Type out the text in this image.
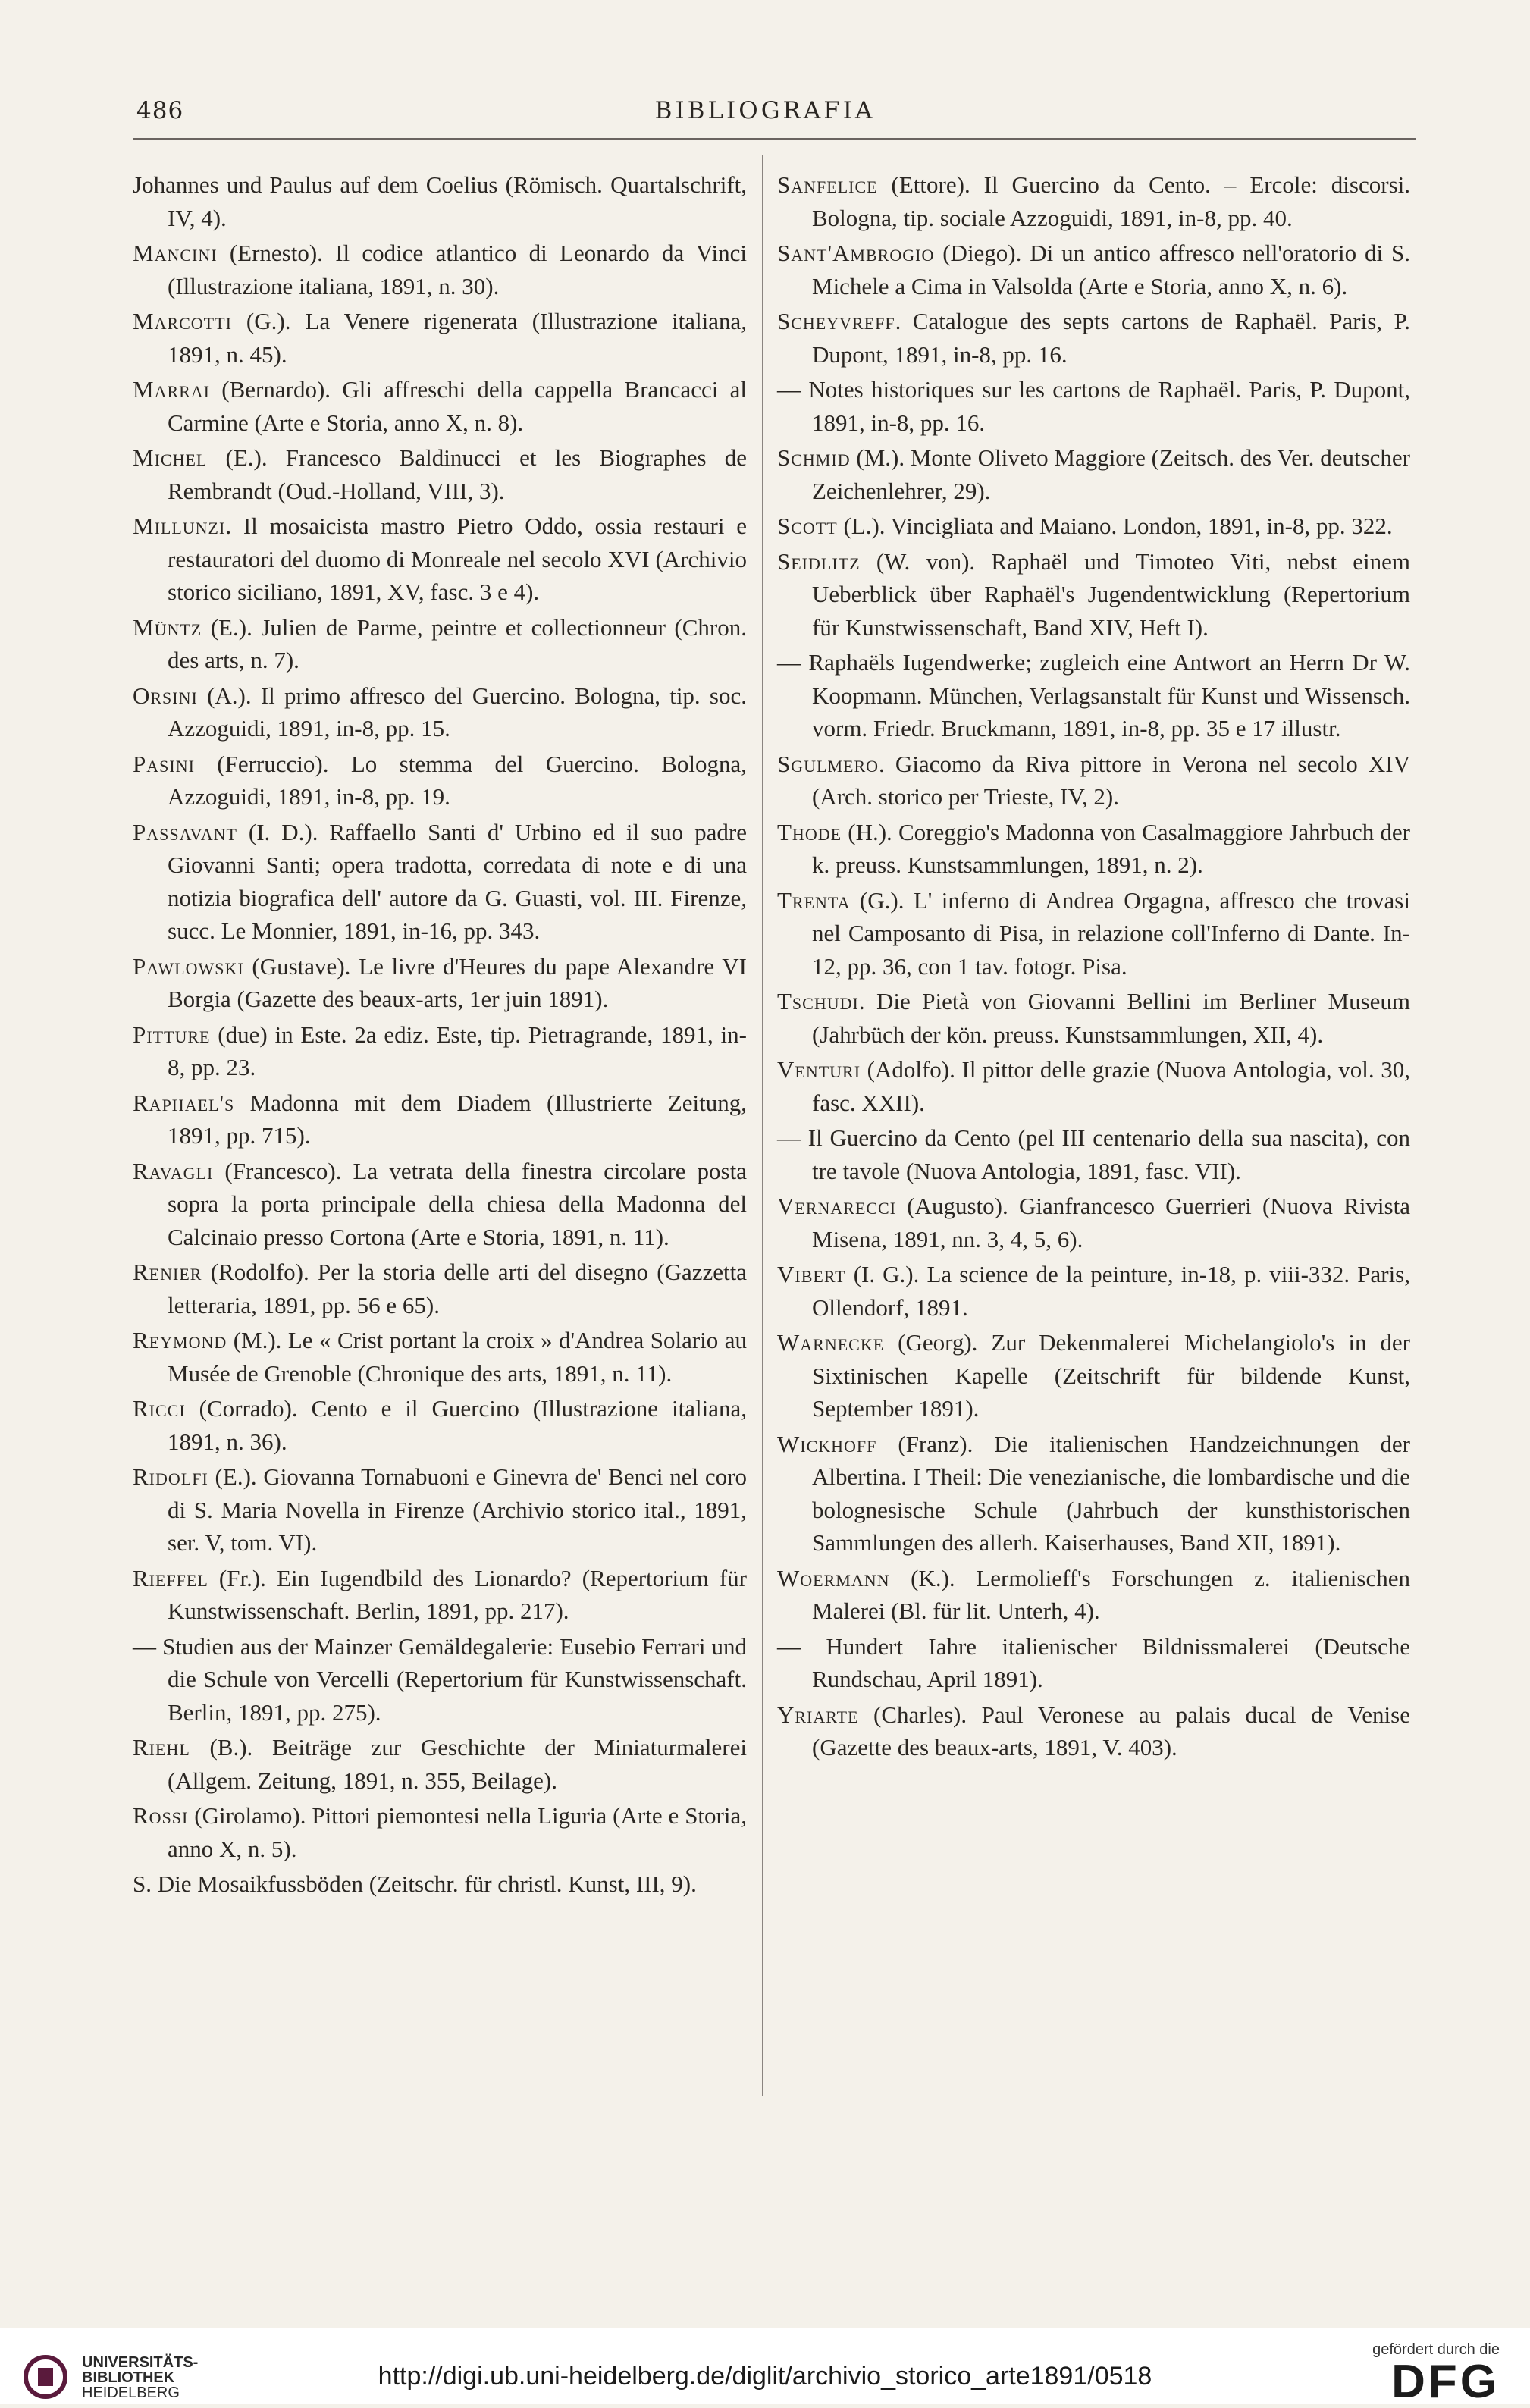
486	BIBLIOGRAFIA

Johannes und Paulus auf dem Coelius (Römisch. Quartalschrift, IV, 4).

Mancini (Ernesto). Il codice atlantico di Leonardo da Vinci (Illustrazione italiana, 1891, n. 30).

Marcotti (G.). La Venere rigenerata (Illustrazione italiana, 1891, n. 45).

Marrai (Bernardo). Gli affreschi della cappella Brancacci al Carmine (Arte e Storia, anno X, n. 8).

Michel (E.). Francesco Baldinucci et les Biographes de Rembrandt (Oud.-Holland, VIII, 3).

Millunzi. Il mosaicista mastro Pietro Oddo, ossia restauri e restauratori del duomo di Monreale nel secolo XVI (Archivio storico siciliano, 1891, XV, fasc. 3 e 4).

Müntz (E.). Julien de Parme, peintre et collectionneur (Chron. des arts, n. 7).

Orsini (A.). Il primo affresco del Guercino. Bologna, tip. soc. Azzoguidi, 1891, in-8, pp. 15.

Pasini (Ferruccio). Lo stemma del Guercino. Bologna, Azzoguidi, 1891, in-8, pp. 19.

Passavant (I. D.). Raffaello Santi d' Urbino ed il suo padre Giovanni Santi; opera tradotta, corredata di note e di una notizia biografica dell' autore da G. Guasti, vol. III. Firenze, succ. Le Monnier, 1891, in-16, pp. 343.

Pawlowski (Gustave). Le livre d'Heures du pape Alexandre VI Borgia (Gazette des beaux-arts, 1er juin 1891).

Pitture (due) in Este. 2a ediz. Este, tip. Pietragrande, 1891, in-8, pp. 23.

Raphael's Madonna mit dem Diadem (Illustrierte Zeitung, 1891, pp. 715).

Ravagli (Francesco). La vetrata della finestra circolare posta sopra la porta principale della chiesa della Madonna del Calcinaio presso Cortona (Arte e Storia, 1891, n. 11).

Renier (Rodolfo). Per la storia delle arti del disegno (Gazzetta letteraria, 1891, pp. 56 e 65).

Reymond (M.). Le « Crist portant la croix » d'Andrea Solario au Musée de Grenoble (Chronique des arts, 1891, n. 11).

Ricci (Corrado). Cento e il Guercino (Illustrazione italiana, 1891, n. 36).

Ridolfi (E.). Giovanna Tornabuoni e Ginevra de' Benci nel coro di S. Maria Novella in Firenze (Archivio storico ital., 1891, ser. V, tom. VI).

Rieffel (Fr.). Ein Iugendbild des Lionardo? (Repertorium für Kunstwissenschaft. Berlin, 1891, pp. 217).

— Studien aus der Mainzer Gemäldegalerie: Eusebio Ferrari und die Schule von Vercelli (Repertorium für Kunstwissenschaft. Berlin, 1891, pp. 275).

Riehl (B.). Beiträge zur Geschichte der Miniaturmalerei (Allgem. Zeitung, 1891, n. 355, Beilage).

Rossi (Girolamo). Pittori piemontesi nella Liguria (Arte e Storia, anno X, n. 5).

S. Die Mosaikfussböden (Zeitschr. für christl. Kunst, III, 9).

Sanfelice (Ettore). Il Guercino da Cento. – Ercole: discorsi. Bologna, tip. sociale Azzoguidi, 1891, in-8, pp. 40.

Sant'Ambrogio (Diego). Di un antico affresco nell'oratorio di S. Michele a Cima in Valsolda (Arte e Storia, anno X, n. 6).

Scheyvreff. Catalogue des septs cartons de Raphaël. Paris, P. Dupont, 1891, in-8, pp. 16.

— Notes historiques sur les cartons de Raphaël. Paris, P. Dupont, 1891, in-8, pp. 16.

Schmid (M.). Monte Oliveto Maggiore (Zeitsch. des Ver. deutscher Zeichenlehrer, 29).

Scott (L.). Vincigliata and Maiano. London, 1891, in-8, pp. 322.

Seidlitz (W. von). Raphaël und Timoteo Viti, nebst einem Ueberblick über Raphaël's Jugendentwicklung (Repertorium für Kunstwissenschaft, Band XIV, Heft I).

— Raphaëls Iugendwerke; zugleich eine Antwort an Herrn Dr W. Koopmann. München, Verlagsanstalt für Kunst und Wissensch. vorm. Friedr. Bruckmann, 1891, in-8, pp. 35 e 17 illustr.

Sgulmero. Giacomo da Riva pittore in Verona nel secolo XIV (Arch. storico per Trieste, IV, 2).

Thode (H.). Coreggio's Madonna von Casalmaggiore Jahrbuch der k. preuss. Kunstsammlungen, 1891, n. 2).

Trenta (G.). L' inferno di Andrea Orgagna, affresco che trovasi nel Camposanto di Pisa, in relazione coll'Inferno di Dante. In-12, pp. 36, con 1 tav. fotogr. Pisa.

Tschudi. Die Pietà von Giovanni Bellini im Berliner Museum (Jahrbüch der kön. preuss. Kunstsammlungen, XII, 4).

Venturi (Adolfo). Il pittor delle grazie (Nuova Antologia, vol. 30, fasc. XXII).

— Il Guercino da Cento (pel III centenario della sua nascita), con tre tavole (Nuova Antologia, 1891, fasc. VII).

Vernarecci (Augusto). Gianfrancesco Guerrieri (Nuova Rivista Misena, 1891, nn. 3, 4, 5, 6).

Vibert (I. G.). La science de la peinture, in-18, p. viii-332. Paris, Ollendorf, 1891.

Warnecke (Georg). Zur Dekenmalerei Michelangiolo's in der Sixtinischen Kapelle (Zeitschrift für bildende Kunst, September 1891).

Wickhoff (Franz). Die italienischen Handzeichnungen der Albertina. I Theil: Die venezianische, die lombardische und die bolognesische Schule (Jahrbuch der kunsthistorischen Sammlungen des allerh. Kaiserhauses, Band XII, 1891).

Woermann (K.). Lermolieff's Forschungen z. italienischen Malerei (Bl. für lit. Unterh, 4).

— Hundert Iahre italienischer Bildnissmalerei (Deutsche Rundschau, April 1891).

Yriarte (Charles). Paul Veronese au palais ducal de Venise (Gazette des beaux-arts, 1891, V. 403).

UNIVERSITÄTS-
BIBLIOTHEK
HEIDELBERG
http://digi.ub.uni-heidelberg.de/diglit/archivio_storico_arte1891/0518
gefördert durch die
DFG
